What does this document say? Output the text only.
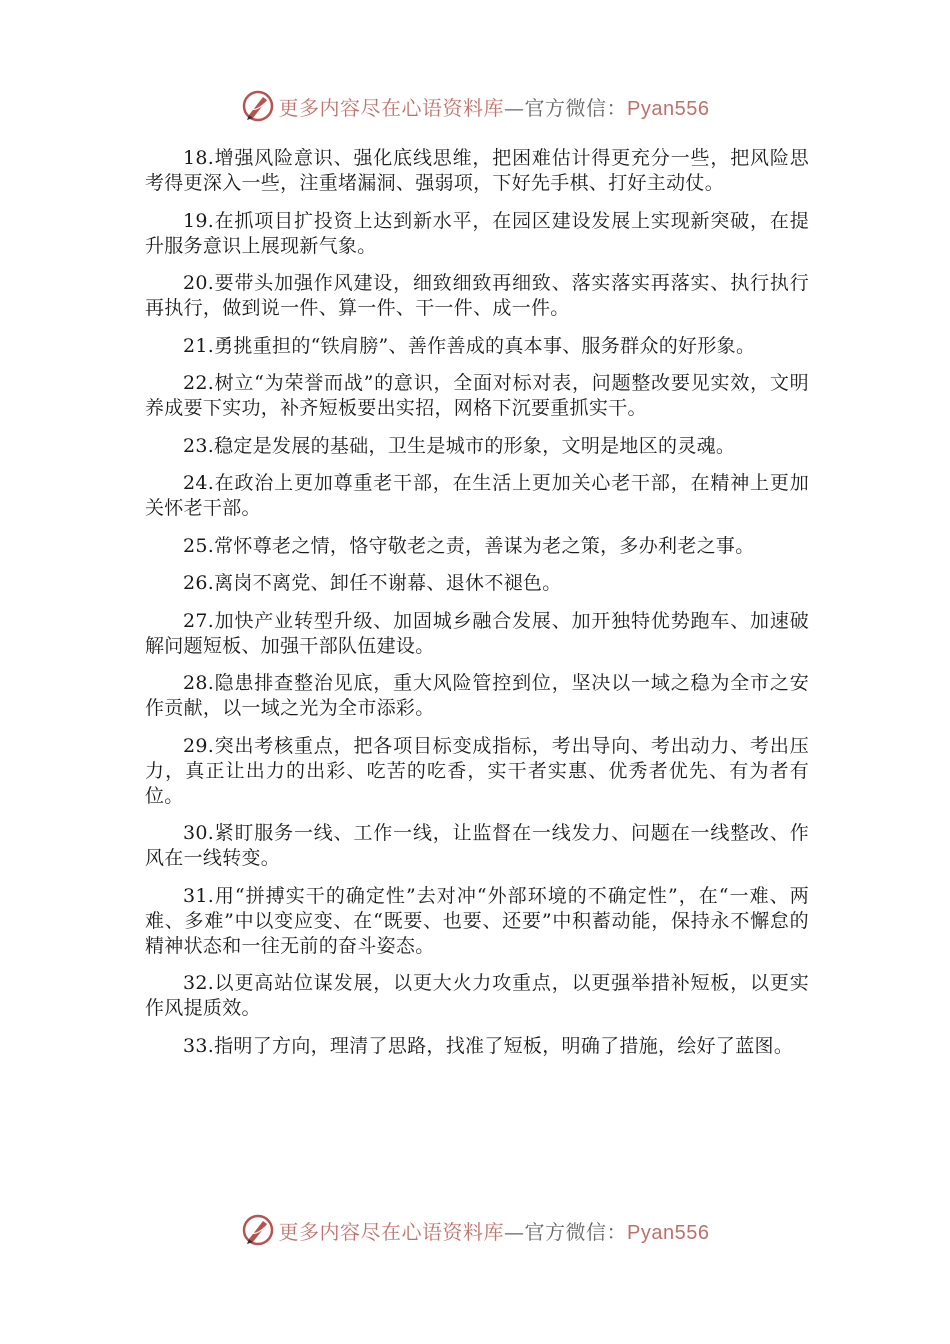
更多内容尽在心语资料库—官方微信：Pyan556

18.增强风险意识、强化底线思维，把困难估计得更充分一些，把风险思考得更深入一些，注重堵漏洞、强弱项，下好先手棋、打好主动仗。

19.在抓项目扩投资上达到新水平，在园区建设发展上实现新突破，在提升服务意识上展现新气象。

20.要带头加强作风建设，细致细致再细致、落实落实再落实、执行执行再执行，做到说一件、算一件、干一件、成一件。

21.勇挑重担的“铁肩膀”、善作善成的真本事、服务群众的好形象。

22.树立“为荣誉而战”的意识，全面对标对表，问题整改要见实效，文明养成要下实功，补齐短板要出实招，网格下沉要重抓实干。

23.稳定是发展的基础，卫生是城市的形象，文明是地区的灵魂。

24.在政治上更加尊重老干部，在生活上更加关心老干部，在精神上更加关怀老干部。

25.常怀尊老之情，恪守敬老之责，善谋为老之策，多办利老之事。

26.离岗不离党、卸任不谢幕、退休不褪色。

27.加快产业转型升级、加固城乡融合发展、加开独特优势跑车、加速破解问题短板、加强干部队伍建设。

28.隐患排查整治见底，重大风险管控到位，坚决以一域之稳为全市之安作贡献，以一域之光为全市添彩。

29.突出考核重点，把各项目标变成指标，考出导向、考出动力、考出压力，真正让出力的出彩、吃苦的吃香，实干者实惠、优秀者优先、有为者有位。

30.紧盯服务一线、工作一线，让监督在一线发力、问题在一线整改、作风在一线转变。

31.用“拼搏实干的确定性”去对冲“外部环境的不确定性”，在“一难、两难、多难”中以变应变、在“既要、也要、还要”中积蓄动能，保持永不懈怠的精神状态和一往无前的奋斗姿态。

32.以更高站位谋发展，以更大火力攻重点，以更强举措补短板，以更实作风提质效。

33.指明了方向，理清了思路，找准了短板，明确了措施，绘好了蓝图。

更多内容尽在心语资料库—官方微信：Pyan556
